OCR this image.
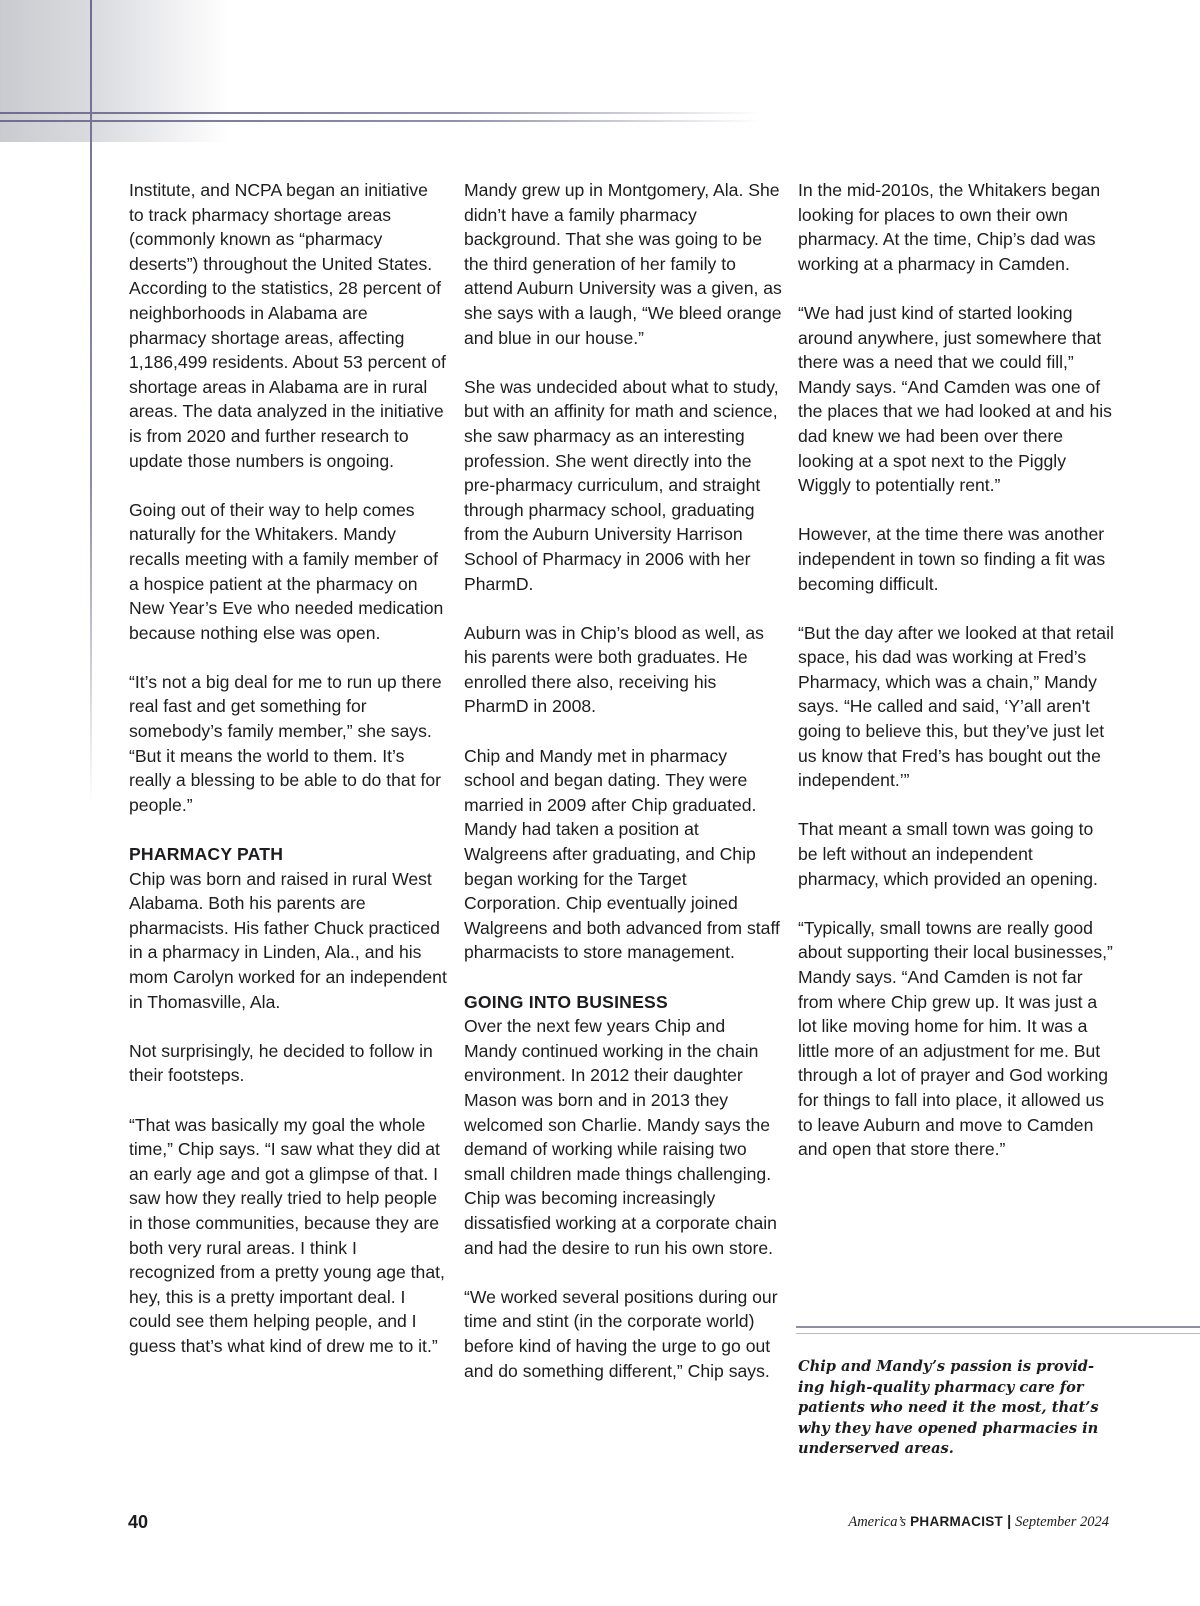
Institute, and NCPA began an initiative to track pharmacy shortage areas (commonly known as “pharmacy deserts”) throughout the United States. According to the statistics, 28 percent of neighborhoods in Alabama are pharmacy shortage areas, affecting 1,186,499 residents. About 53 percent of shortage areas in Alabama are in rural areas. The data analyzed in the initiative is from 2020 and further research to update those numbers is ongoing.

Going out of their way to help comes naturally for the Whitakers. Mandy recalls meeting with a family member of a hospice patient at the pharmacy on New Year’s Eve who needed medication because nothing else was open.

“It’s not a big deal for me to run up there real fast and get something for somebody’s family member,” she says. “But it means the world to them. It’s really a blessing to be able to do that for people.”

PHARMACY PATH

Chip was born and raised in rural West Alabama. Both his parents are pharmacists. His father Chuck practiced in a pharmacy in Linden, Ala., and his mom Carolyn worked for an independent in Thomasville, Ala.

Not surprisingly, he decided to follow in their footsteps.

“That was basically my goal the whole time,” Chip says. “I saw what they did at an early age and got a glimpse of that. I saw how they really tried to help people in those communities, because they are both very rural areas. I think I recognized from a pretty young age that, hey, this is a pretty important deal. I could see them helping people, and I guess that’s what kind of drew me to it.”

Mandy grew up in Montgomery, Ala. She didn’t have a family pharmacy background. That she was going to be the third generation of her family to attend Auburn University was a given, as she says with a laugh, “We bleed orange and blue in our house.”

She was undecided about what to study, but with an affinity for math and science, she saw pharmacy as an interesting profession. She went directly into the pre-pharmacy curriculum, and straight through pharmacy school, graduating from the Auburn University Harrison School of Pharmacy in 2006 with her PharmD.

Auburn was in Chip’s blood as well, as his parents were both graduates. He enrolled there also, receiving his PharmD in 2008.

Chip and Mandy met in pharmacy school and began dating. They were married in 2009 after Chip graduated. Mandy had taken a position at Walgreens after graduating, and Chip began working for the Target Corporation. Chip eventually joined Walgreens and both advanced from staff pharmacists to store management.

GOING INTO BUSINESS

Over the next few years Chip and Mandy continued working in the chain environment. In 2012 their daughter Mason was born and in 2013 they welcomed son Charlie. Mandy says the demand of working while raising two small children made things challenging. Chip was becoming increasingly dissatisfied working at a corporate chain and had the desire to run his own store.

“We worked several positions during our time and stint (in the corporate world) before kind of having the urge to go out and do something different,” Chip says.

In the mid-2010s, the Whitakers began looking for places to own their own pharmacy. At the time, Chip’s dad was working at a pharmacy in Camden.

“We had just kind of started looking around anywhere, just somewhere that there was a need that we could fill,” Mandy says. “And Camden was one of the places that we had looked at and his dad knew we had been over there looking at a spot next to the Piggly Wiggly to potentially rent.”

However, at the time there was another independent in town so finding a fit was becoming difficult.

“But the day after we looked at that retail space, his dad was working at Fred’s Pharmacy, which was a chain,” Mandy says. “He called and said, ‘Y’all aren't going to believe this, but they’ve just let us know that Fred’s has bought out the independent.’”

That meant a small town was going to be left without an independent pharmacy, which provided an opening.

“Typically, small towns are really good about supporting their local businesses,” Mandy says. “And Camden is not far from where Chip grew up. It was just a lot like moving home for him. It was a little more of an adjustment for me. But through a lot of prayer and God working for things to fall into place, it allowed us to leave Auburn and move to Camden and open that store there.”

Chip and Mandy’s passion is providing high-quality pharmacy care for patients who need it the most, that’s why they have opened pharmacies in underserved areas.
40	America’s PHARMACIST | September 2024
